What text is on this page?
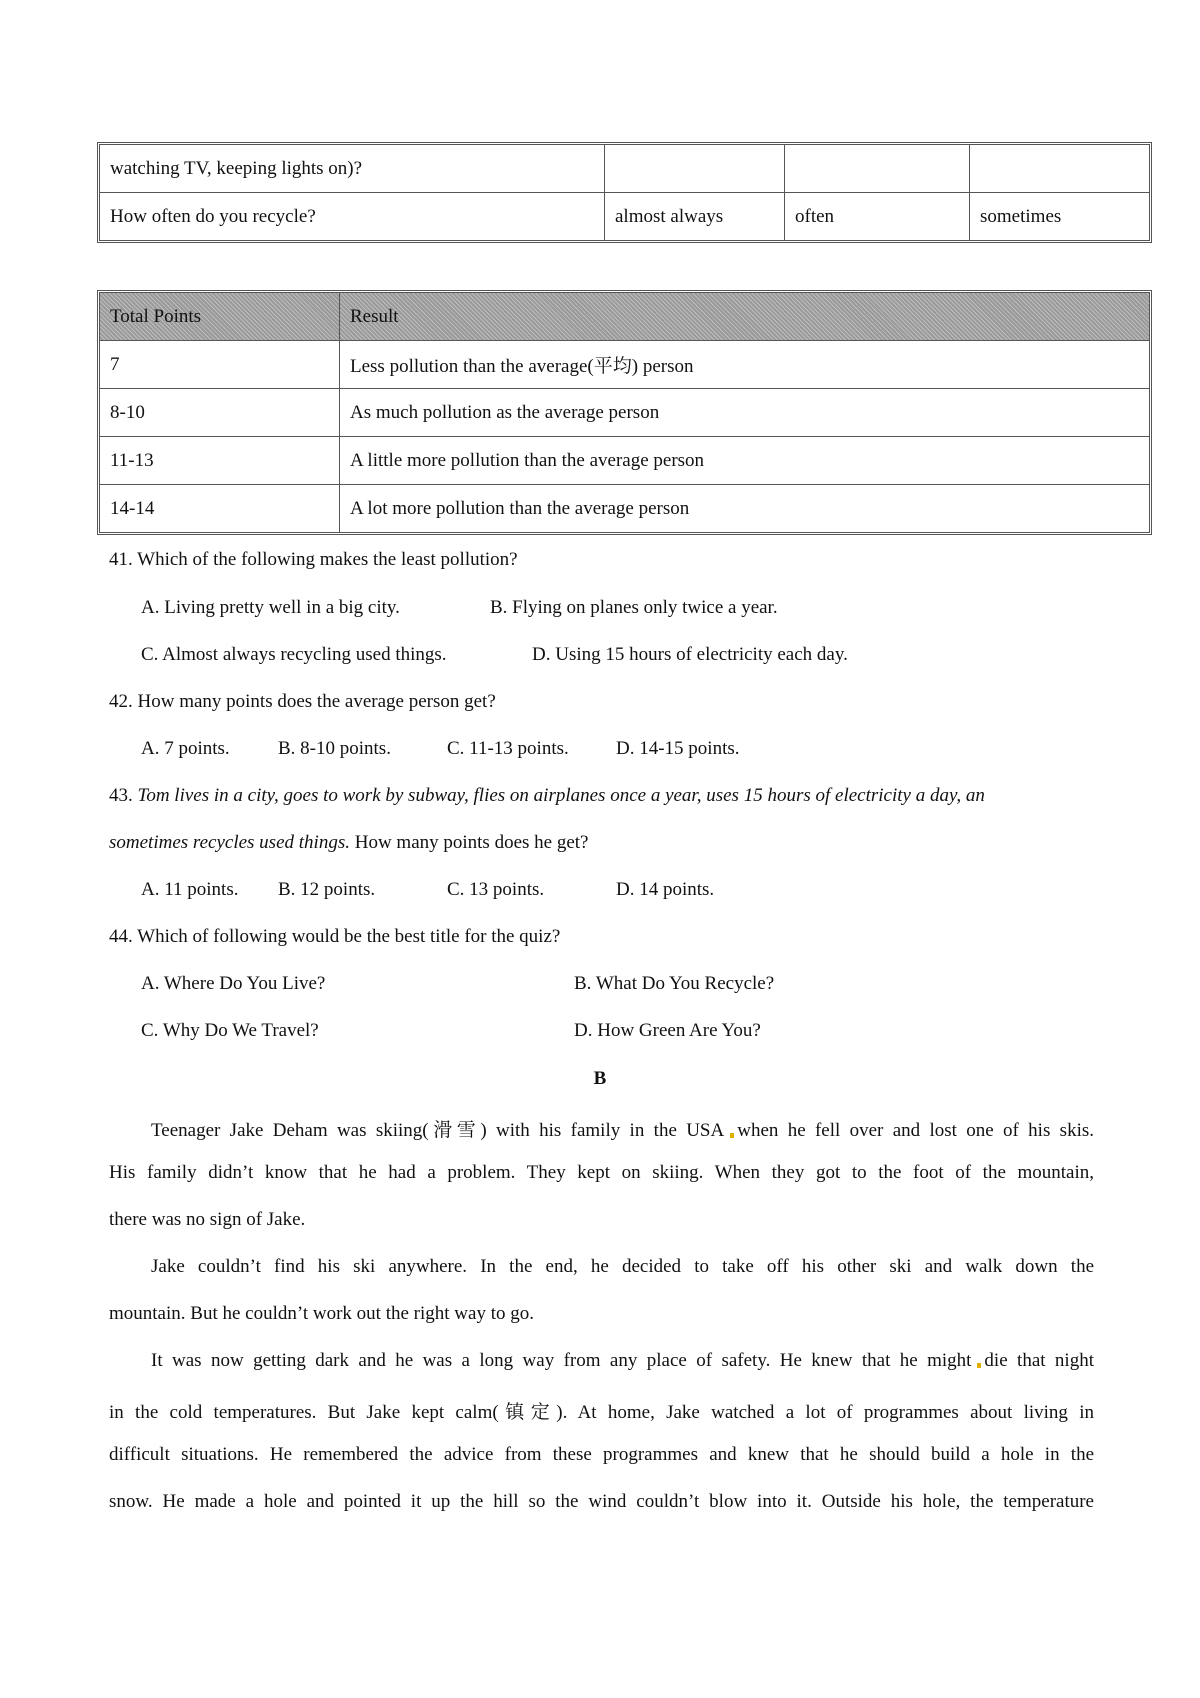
watching TV, keeping lights on)?			
How often do you recycle?	almost always	often	sometimes
Total Points	Result
7	Less pollution than the average(平均) person
8-10	As much pollution as the average person
11-13	A little more pollution than the average person
14-14	A lot more pollution than the average person
41. Which of the following makes the least pollution?
A. Living pretty well in a big city.	B. Flying on planes only twice a year.
C. Almost always recycling used things.	D. Using 15 hours of electricity each day.
42. How many points does the average person get?
A. 7 points.	B. 8-10 points.	C. 11-13 points. D. 14-15 points.
43. Tom lives in a city, goes to work by subway, flies on airplanes once a year, uses 15 hours of electricity a day, an
sometimes recycles used things. How many points does he get?
A. 11 points. B. 12 points.	C. 13 points.	D. 14 points.
44. Which of following would be the best title for the quiz?
A. Where Do You Live?	B. What Do You Recycle?
C. Why Do We Travel?	D. How Green Are You?
B
Teenager Jake Deham was skiing(滑雪) with his family in the USA when he fell over and lost one of his skis.
His family didn’t know that he had a problem. They kept on skiing. When they got to the foot of the mountain,
there was no sign of Jake.
Jake couldn’t find his ski anywhere. In the end, he decided to take off his other ski and walk down the
mountain. But he couldn’t work out the right way to go.
It was now getting dark and he was a long way from any place of safety. He knew that he might die that night
in the cold temperatures. But Jake kept calm(镇定). At home, Jake watched a lot of programmes about living in
difficult situations. He remembered the advice from these programmes and knew that he should build a hole in the
snow. He made a hole and pointed it up the hill so the wind couldn’t blow into it. Outside his hole, the temperature
